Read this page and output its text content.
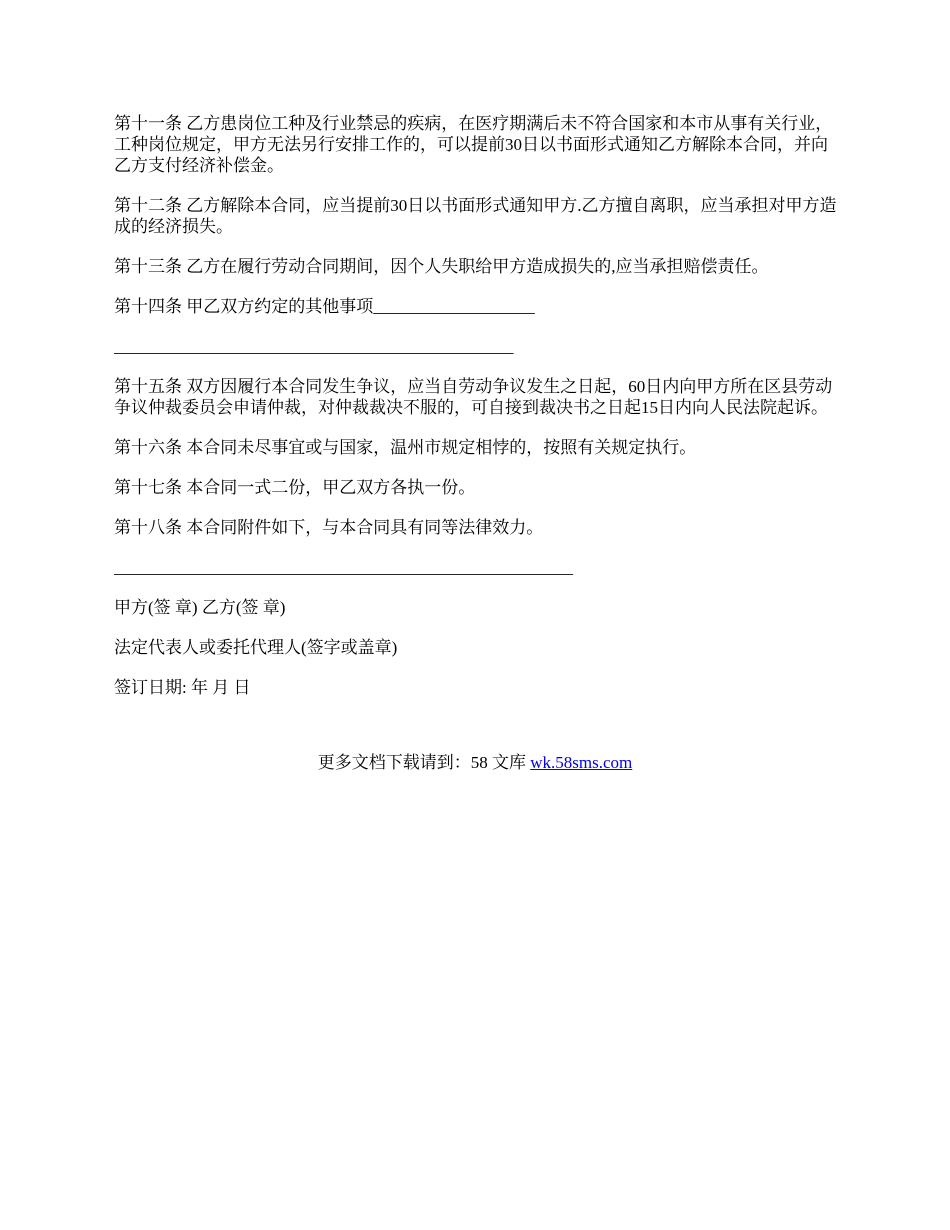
第十一条 乙方患岗位工种及行业禁忌的疾病，在医疗期满后未不符合国家和本市从事有关行业，工种岗位规定，甲方无法另行安排工作的，可以提前30日以书面形式通知乙方解除本合同，并向乙方支付经济补偿金。

第十二条 乙方解除本合同，应当提前30日以书面形式通知甲方.乙方擅自离职，应当承担对甲方造成的经济损失。

第十三条 乙方在履行劳动合同期间，因个人失职给甲方造成损失的,应当承担赔偿责任。

第十四条 甲乙双方约定的其他事项___________________

_______________________________________________

第十五条 双方因履行本合同发生争议，应当自劳动争议发生之日起，60日内向甲方所在区县劳动争议仲裁委员会申请仲裁，对仲裁裁决不服的，可自接到裁决书之日起15日内向人民法院起诉。

第十六条 本合同未尽事宜或与国家，温州市规定相悖的，按照有关规定执行。

第十七条 本合同一式二份，甲乙双方各执一份。

第十八条 本合同附件如下，与本合同具有同等法律效力。

______________________________________________________

甲方(签 章) 乙方(签 章)

法定代表人或委托代理人(签字或盖章)

签订日期: 年 月 日

更多文档下载请到：58 文库 wk.58sms.com
